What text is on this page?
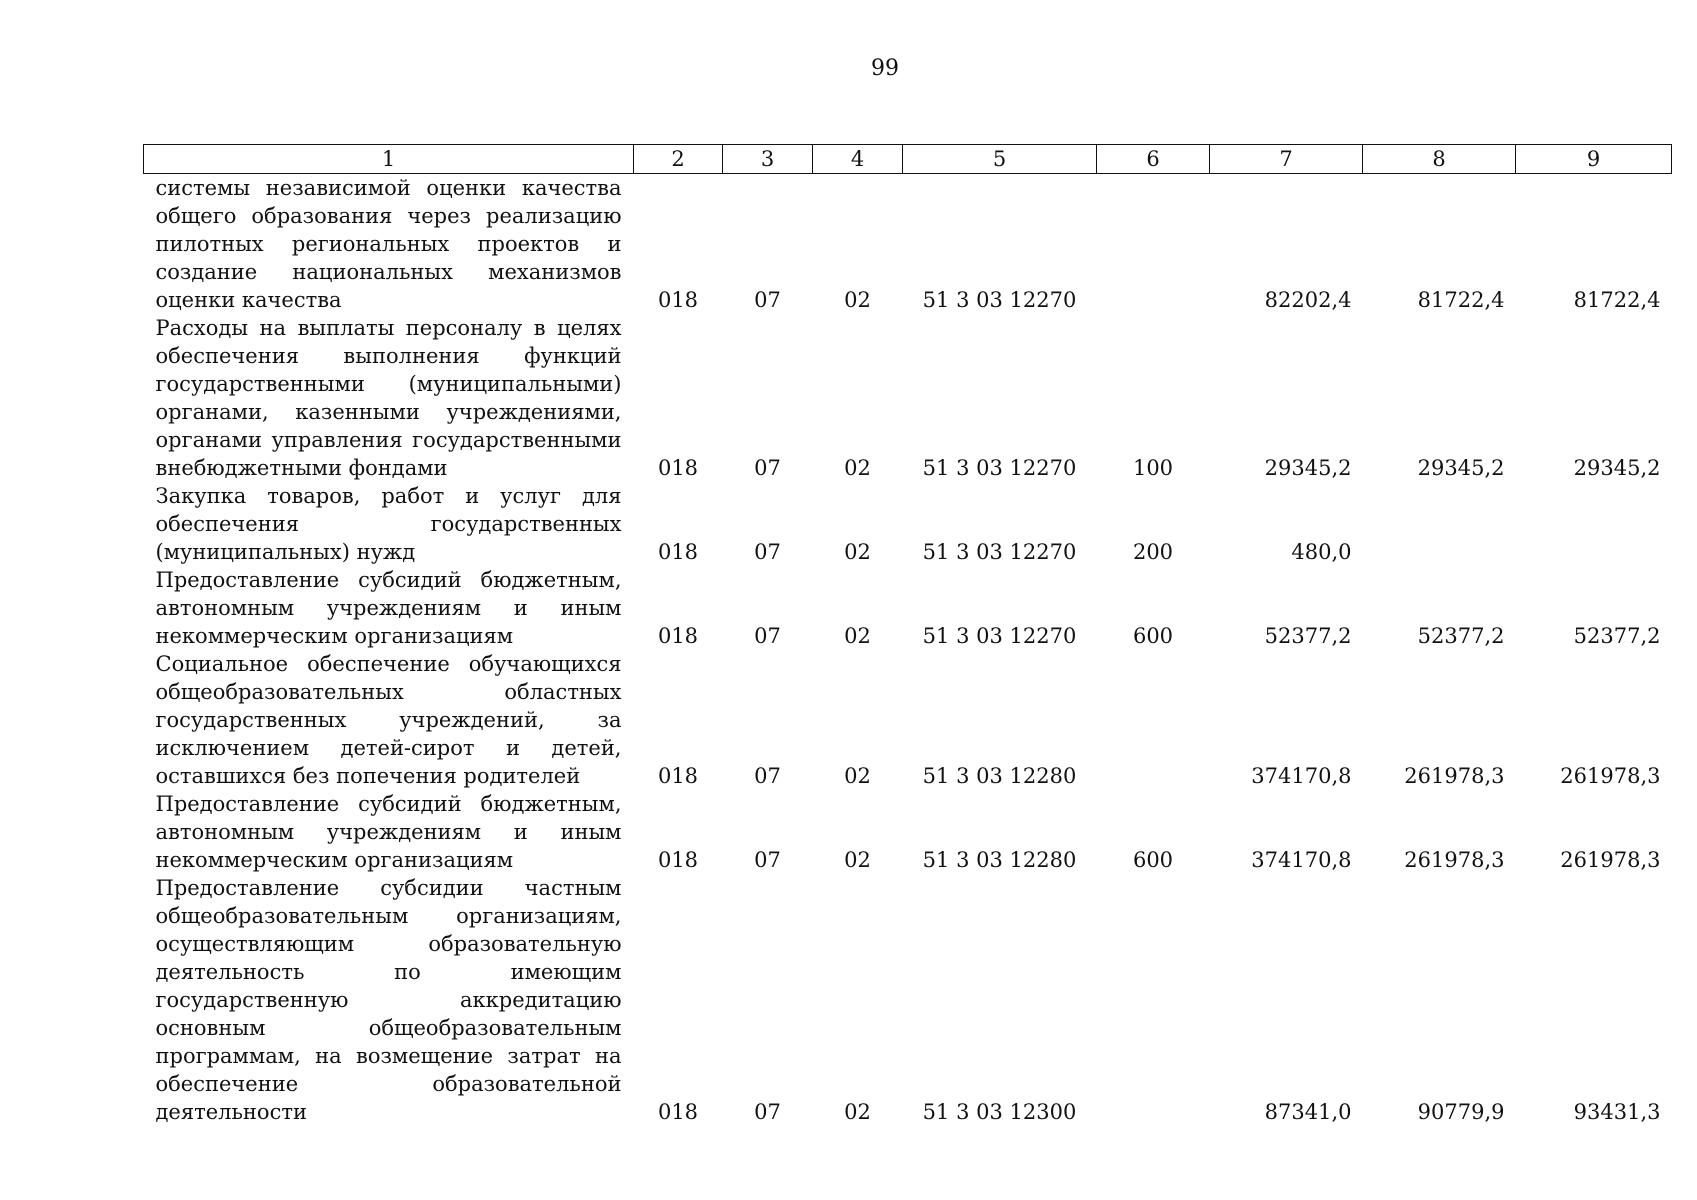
99
1	2	3	4	5	6	7	8	9
системы независимой оценки качества общего образования через реализацию пилотных региональных проектов и создание национальных механизмов оценки качества	018	07	02	51 3 03 12270		82202,4	81722,4	81722,4
Расходы на выплаты персоналу в целях обеспечения выполнения функций государственными (муниципальными) органами, казенными учреждениями, органами управления государственными внебюджетными фондами	018	07	02	51 3 03 12270	100	29345,2	29345,2	29345,2
Закупка товаров, работ и услуг для обеспечения государственных (муниципальных) нужд	018	07	02	51 3 03 12270	200	480,0		
Предоставление субсидий бюджетным, автономным учреждениям и иным некоммерческим организациям	018	07	02	51 3 03 12270	600	52377,2	52377,2	52377,2
Социальное обеспечение обучающихся общеобразовательных областных государственных учреждений, за исключением детей-сирот и детей, оставшихся без попечения родителей	018	07	02	51 3 03 12280		374170,8	261978,3	261978,3
Предоставление субсидий бюджетным, автономным учреждениям и иным некоммерческим организациям	018	07	02	51 3 03 12280	600	374170,8	261978,3	261978,3
Предоставление субсидии частным общеобразовательным организациям, осуществляющим образовательную деятельность по имеющим государственную аккредитацию основным общеобразовательным программам, на возмещение затрат на обеспечение образовательной деятельности	018	07	02	51 3 03 12300		87341,0	90779,9	93431,3
